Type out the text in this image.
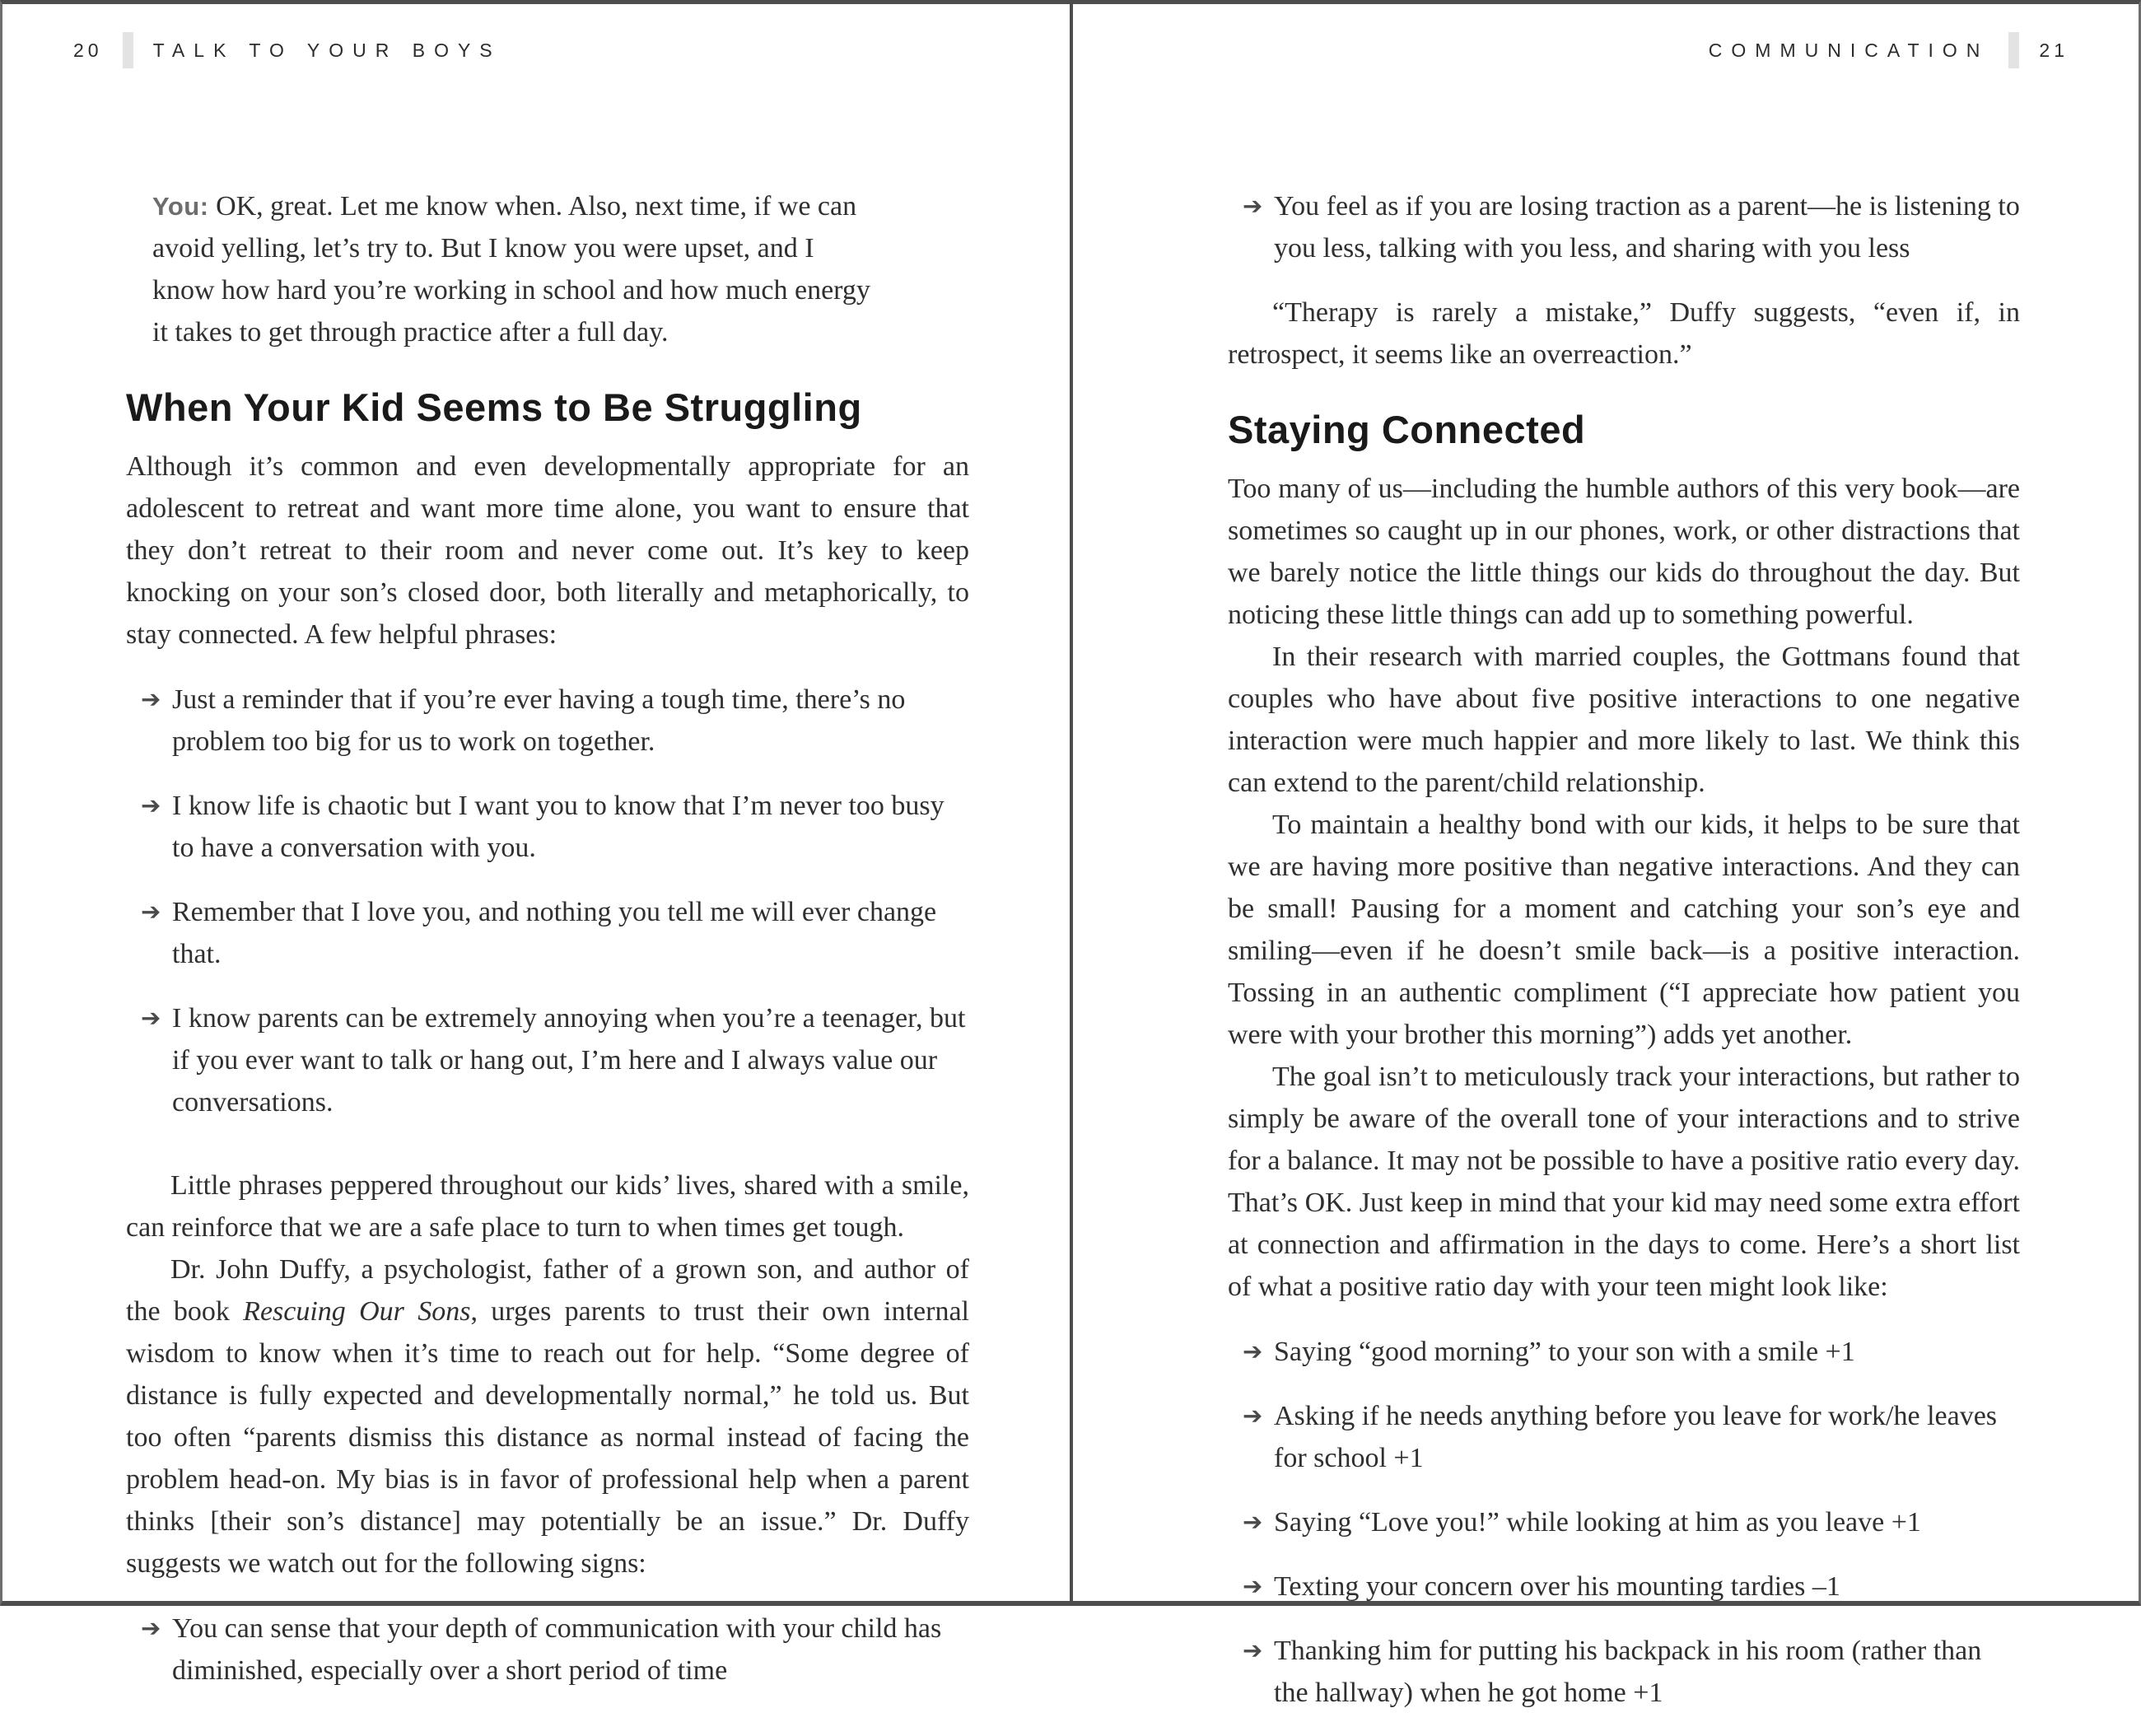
20	TALK TO YOUR BOYS

You: OK, great. Let me know when. Also, next time, if we can avoid yelling, let’s try to. But I know you were upset, and I know how hard you’re working in school and how much energy it takes to get through practice after a full day.

When Your Kid Seems to Be Struggling

Although it’s common and even developmentally appropriate for an adolescent to retreat and want more time alone, you want to ensure that they don’t retreat to their room and never come out. It’s key to keep knocking on your son’s closed door, both literally and metaphorically, to stay connected. A few helpful phrases:

➔ Just a reminder that if you’re ever having a tough time, there’s no problem too big for us to work on together.
➔ I know life is chaotic but I want you to know that I’m never too busy to have a conversation with you.
➔ Remember that I love you, and nothing you tell me will ever change that.
➔ I know parents can be extremely annoying when you’re a teenager, but if you ever want to talk or hang out, I’m here and I always value our conversations.

Little phrases peppered throughout our kids’ lives, shared with a smile, can reinforce that we are a safe place to turn to when times get tough.

Dr. John Duffy, a psychologist, father of a grown son, and author of the book Rescuing Our Sons, urges parents to trust their own internal wisdom to know when it’s time to reach out for help. “Some degree of distance is fully expected and developmentally normal,” he told us. But too often “parents dismiss this distance as normal instead of facing the problem head-on. My bias is in favor of professional help when a parent thinks [their son’s distance] may potentially be an issue.” Dr. Duffy suggests we watch out for the following signs:

➔ You can sense that your depth of communication with your child has diminished, especially over a short period of time
COMMUNICATION	21
➔ You feel as if you are losing traction as a parent—he is listening to you less, talking with you less, and sharing with you less

“Therapy is rarely a mistake,” Duffy suggests, “even if, in retrospect, it seems like an overreaction.”

Staying Connected

Too many of us—including the humble authors of this very book—are sometimes so caught up in our phones, work, or other distractions that we barely notice the little things our kids do throughout the day. But noticing these little things can add up to something powerful.

In their research with married couples, the Gottmans found that couples who have about five positive interactions to one negative interaction were much happier and more likely to last. We think this can extend to the parent/child relationship.

To maintain a healthy bond with our kids, it helps to be sure that we are having more positive than negative interactions. And they can be small! Pausing for a moment and catching your son’s eye and smiling—even if he doesn’t smile back—is a positive interaction. Tossing in an authentic compliment (“I appreciate how patient you were with your brother this morning”) adds yet another.

The goal isn’t to meticulously track your interactions, but rather to simply be aware of the overall tone of your interactions and to strive for a balance. It may not be possible to have a positive ratio every day. That’s OK. Just keep in mind that your kid may need some extra effort at connection and affirmation in the days to come. Here’s a short list of what a positive ratio day with your teen might look like:

➔ Saying “good morning” to your son with a smile +1
➔ Asking if he needs anything before you leave for work/he leaves for school +1
➔ Saying “Love you!” while looking at him as you leave +1
➔ Texting your concern over his mounting tardies –1
➔ Thanking him for putting his backpack in his room (rather than the hallway) when he got home +1
